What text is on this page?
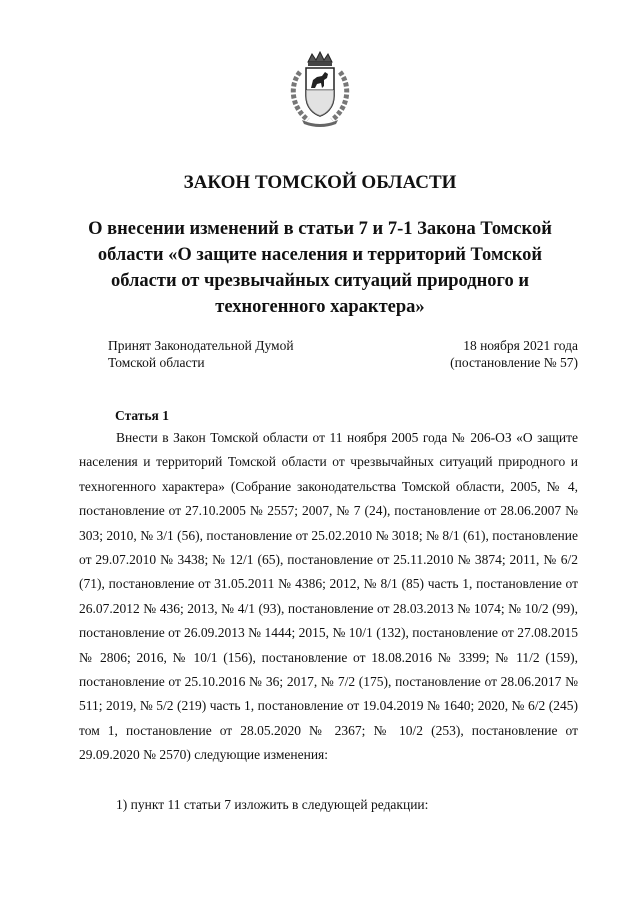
ЗАКОН ТОМСКОЙ ОБЛАСТИ
О внесении изменений в статьи 7 и 7-1 Закона Томской области «О защите населения и территорий Томской области от чрезвычайных ситуаций природного и техногенного характера»
Принят Законодательной Думой
Томской области
18 ноября 2021 года
(постановление № 57)
Статья 1

Внести в Закон Томской области от 11 ноября 2005 года № 206-ОЗ «О защите населения и территорий Томской области от чрезвычайных ситуаций природного и техногенного характера» (Собрание законодательства Томской области, 2005, № 4, постановление от 27.10.2005 № 2557; 2007, № 7 (24), постановление от 28.06.2007 № 303; 2010, № 3/1 (56), постановление от 25.02.2010 № 3018; № 8/1 (61), постановление от 29.07.2010 № 3438; № 12/1 (65), постановление от 25.11.2010 № 3874; 2011, № 6/2 (71), постановление от 31.05.2011 № 4386; 2012, № 8/1 (85) часть 1, постановление от 26.07.2012 № 436; 2013, № 4/1 (93), постановление от 28.03.2013 № 1074; № 10/2 (99), постановление от 26.09.2013 № 1444; 2015, № 10/1 (132), постановление от 27.08.2015 № 2806; 2016, № 10/1 (156), постановление от 18.08.2016 № 3399; № 11/2 (159), постановление от 25.10.2016 № 36; 2017, № 7/2 (175), постановление от 28.06.2017 № 511; 2019, № 5/2 (219) часть 1, постановление от 19.04.2019 № 1640; 2020, № 6/2 (245) том 1, постановление от 28.05.2020 № 2367; № 10/2 (253), постановление от 29.09.2020 № 2570) следующие изменения:

1) пункт 11 статьи 7 изложить в следующей редакции:
